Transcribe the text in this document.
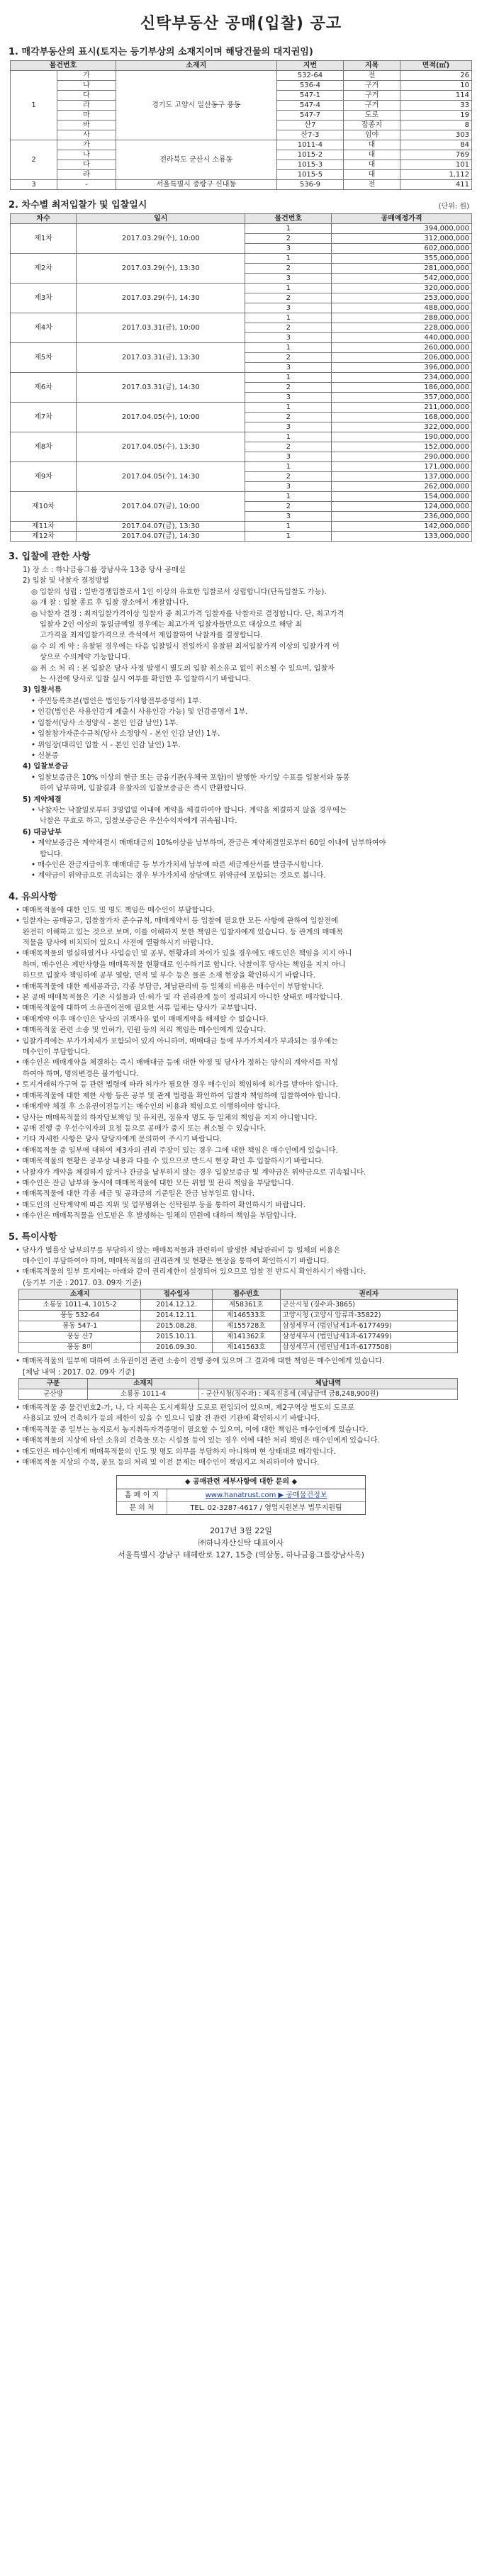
신탁부동산 공매(입찰) 공고
1. 매각부동산의 표시(토지는 등기부상의 소재지이며 해당건물의 대지권임)
물건번호		소재지	지번	지목	면적(㎡)
1	가	경기도 고양시 일산동구 풍동	532-64	전	26
	나		536-4	구거	10
	다		547-1	구거	114
	라		547-4	구거	33
	마		547-7	도로	19
	바		산7	잡종지	8
	사		산7-3	임야	303
2	가	전라북도 군산시 소룡동	1011-4	대	84
	나		1015-2	대	769
	다		1015-3	대	101
	라		1015-5	대	1,112
3	-	서울특별시 중랑구 신내동	536-9	전	411
2. 차수별 최저입찰가 및 입찰일시	(단위: 원)
차수	일시	물건번호	공매예정가격
제1차	2017.03.29(수), 10:00	1	394,000,000
		2	312,000,000
		3	602,000,000
제2차	2017.03.29(수), 13:30	1	355,000,000
		2	281,000,000
		3	542,000,000
제3차	2017.03.29(수), 14:30	1	320,000,000
		2	253,000,000
		3	488,000,000
제4차	2017.03.31(금), 10:00	1	288,000,000
		2	228,000,000
		3	440,000,000
제5차	2017.03.31(금), 13:30	1	260,000,000
		2	206,000,000
		3	396,000,000
제6차	2017.03.31(금), 14:30	1	234,000,000
		2	186,000,000
		3	357,000,000
제7차	2017.04.05(수), 10:00	1	211,000,000
		2	168,000,000
		3	322,000,000
제8차	2017.04.05(수), 13:30	1	190,000,000
		2	152,000,000
		3	290,000,000
제9차	2017.04.05(수), 14:30	1	171,000,000
		2	137,000,000
		3	262,000,000
제10차	2017.04.07(금), 10:00	1	154,000,000
		2	124,000,000
		3	236,000,000
제11차	2017.04.07(금), 13:30	1	142,000,000
제12차	2017.04.07(금), 14:30	1	133,000,000
3. 입찰에 관한 사항

1) 장 소 : 하나금융그룹 장남사옥 13층 당사 공매실

2) 입찰 및 낙찰자 결정방법

◎ 입찰의 성립 : 일반경쟁입찰로서 1인 이상의 유효한 입찰로서 성립합니다(단독입찰도 가능).

◎ 개 찰 : 입찰 종료 후 입찰 장소에서 개찰합니다.

◎ 낙찰자 결정 : 최저입찰가격이상 입찰자 중 최고가격 입찰자를 낙찰자로 결정합니다. 단, 최고가격

입찰자 2인 이상의 동일금액일 경우에는 최고가격 입찰자들만으로 대상으로 해당 최

고가격을 최저입찰가격으로 즉석에서 재입찰하여 낙찰자를 결정합니다.

◎ 수 의 계 약 : 유찰된 경우에는 다음 입찰일시 전일까지 유찰된 최저입찰가격 이상의 입찰가격 이

상으로 수의계약 가능합니다.

◎ 취 소 처 리 : 본 입찰은 당사 사정 발생시 별도의 입찰 취소유고 없이 취소될 수 있으며, 입찰자

는 사전에 당사로 입찰 실시 여부를 확인한 후 입찰하시기 바랍니다.

3) 입찰서류

• 주민등록초본(법인은 법인등기사항전부증명서) 1부.

• 인감(법인은 사용인감계 제출시 사용인감 가능) 및 인감증명서 1부.

• 입찰서(당사 소정양식 - 본인 인감 날인) 1부.

• 입찰참가자준수규칙(당사 소정양식 - 본인 인감 날인) 1부.

• 위임장(대리인 입찰 시 - 본인 인감 날인) 1부.

• 신분증

4) 입찰보증금

• 입찰보증금은 10% 이상의 현금 또는 금융기관(우체국 포함)이 발행한 자기앞 수표를 입찰서와 동봉

하여 납부하며, 입찰결과 유찰자의 입찰보증금은 즉시 반환합니다.

5) 계약체결

• 낙찰자는 낙찰일로부터 3영업일 이내에 계약을 체결하여야 합니다. 계약을 체결하지 않을 경우에는

낙찰은 무효로 하고, 입찰보증금은 우선수익자에게 귀속됩니다.

6) 대금납부

• 계약보증금은 계약체결시 매매대금의 10%이상을 납부하며, 잔금은 계약체결일로부터 60일 이내에 납부하여야

합니다.

• 매수인은 잔금지급이후 매매대금 등 부가가치세 납부에 따른 세금계산서를 발급주시합니다.

• 계약금이 위약금으로 귀속되는 경우 부가가치세 상당액도 위약금에 포함되는 것으로 봅니다.

4. 유의사항

• 매매목적물에 대한 인도 및 명도 책임은 매수인이 부담합니다.

• 입찰자는 공매공고, 입찰참가자 준수규칙, 매매계약서 등 입찰에 필요한 모든 사항에 관하여 입찰전에

완전히 이해하고 있는 것으로 보며, 이를 이해하지 못한 책임은 입찰자에게 있습니다. 등 관계의 매매목

적물을 당사에 비치되어 있으니 사전에 열람하시기 바랍니다.

• 매매목적물의 멸실하였거나 사업승인 및 공부, 현황과의 차이가 있을 경우에도 매도인은 책임을 지지 아니

하며, 매수인은 제반사항을 매매목적물 현황대로 인수하기로 합니다. 낙찰이후 당사는 책임을 지지 아니

하므로 입찰자 책임하에 공부 열람, 면적 및 부수 등은 물론 소재 현장을 확인하시기 바랍니다.

• 매매목적물에 대한 제세공과금, 각종 부담금, 체납관리비 등 일체의 비용은 매수인이 부담합니다.

• 본 공매 매매목적물은 기존 시설물과 인·허가 및 각 권리관계 등이 정리되지 아니한 상태로 매각합니다.

• 매매목적물에 대하여 소유권이전에 필요한 서류 일체는 당사가 교부합니다.

• 매매계약 이후 매수인은 당사의 귀책사유 없이 매매계약을 해제할 수 없습니다.

• 매매목적물 관련 소송 및 인허가, 민원 등의 처리 책임은 매수인에게 있습니다.

• 입찰가격에는 부가가치세가 포함되어 있지 아니하며, 매매대금 등에 부가가치세가 부과되는 경우에는

매수인이 부담합니다.

• 매수인은 매매계약을 체결하는 즉시 매매대금 등에 대한 약정 및 당사가 정하는 양식의 계약서를 작성

하여야 하며, 명의변경은 불가합니다.

• 토지거래허가구역 등 관련 법령에 따라 허가가 필요한 경우 매수인의 책임하에 허가를 받아야 합니다.

• 매매목적물에 대한 제한 사항 등은 공부 및 관계 법령을 확인하여 입찰자 책임하에 입찰하여야 합니다.

• 매매계약 체결 후 소유권이전등기는 매수인의 비용과 책임으로 이행하여야 합니다.

• 당사는 매매목적물의 하자담보책임 및 유치권, 점유자 명도 등 일체의 책임을 지지 아니합니다.

• 공매 진행 중 우선수익자의 요청 등으로 공매가 중지 또는 취소될 수 있습니다.

• 기타 자세한 사항은 당사 담당자에게 문의하여 주시기 바랍니다.

• 매매목적물 중 일부에 대하여 제3자의 권리 주장이 있는 경우 그에 대한 책임은 매수인에게 있습니다.

• 매매목적물의 현황은 공부상 내용과 다를 수 있으므로 반드시 현장 확인 후 입찰하시기 바랍니다.

• 낙찰자가 계약을 체결하지 않거나 잔금을 납부하지 않는 경우 입찰보증금 및 계약금은 위약금으로 귀속됩니다.

• 매수인은 잔금 납부와 동시에 매매목적물에 대한 모든 위험 및 관리 책임을 부담합니다.

• 매매목적물에 대한 각종 세금 및 공과금의 기준일은 잔금 납부일로 합니다.

• 매도인의 신탁계약에 따른 지위 및 업무범위는 신탁원부 등을 통하여 확인하시기 바랍니다.

• 매수인은 매매목적물을 인도받은 후 발생하는 일체의 민원에 대하여 책임을 부담합니다.

5. 특이사항

• 당사가 법률상 납부의무를 부담하지 않는 매매목적물과 관련하여 발생한 체납관리비 등 일체의 비용은

매수인이 부담하여야 하며, 매매목적물의 권리관계 및 현황은 현장을 통하여 확인하시기 바랍니다.

• 매매목적물의 일부 토지에는 아래와 같이 권리제한이 설정되어 있으므로 입찰 전 반드시 확인하시기 바랍니다.

(등기부 기준 : 2017. 03. 09자 기준)

소재지	접수일자	접수번호	권리자
소룡동 1011-4, 1015-2	2014.12.12.	제58361호	군산시청 (징수과-3865)
풍동 532-64	2014.12.11.	제146533호	고양시청 (고양시 압류과-35822)
풍동 547-1	2015.08.28.	제155728호	삼성세무서 (법인납세1과-6177499)
풍동 산7	2015.10.11.	제141362호	삼성세무서 (법인납세1과-6177499)
풍동 8미	2016.09.30.	제141563호	삼성세무서 (법인납세1과-6177508)

• 매매목적물의 일부에 대하여 소유권이전 관련 소송이 진행 중에 있으며 그 결과에 대한 책임은 매수인에게 있습니다.

[체납 내역 : 2017. 02. 09자 기준]

구분	소재지	체납내역
군산방	소룡동 1011-4	- 군산시청(징수과) : 체육진흥세 (체납금액 금8,248,900원)

• 매매목적물 중 물건번호2-가, 나, 다 지목은 도시계획상 도로로 편입되어 있으며, 제2구역상 별도의 도로로

사용되고 있어 건축허가 등의 제한이 있을 수 있으니 입찰 전 관련 기관에 확인하시기 바랍니다.

• 매매목적물 중 일부는 농지로서 농지취득자격증명이 필요할 수 있으며, 이에 대한 책임은 매수인에게 있습니다.

• 매매목적물의 지상에 타인 소유의 건축물 또는 시설물 등이 있는 경우 이에 대한 처리 책임은 매수인에게 있습니다.

• 매도인은 매수인에게 매매목적물의 인도 및 명도 의무를 부담하지 아니하며 현 상태대로 매각합니다.

• 매매목적물 지상의 수목, 분묘 등의 처리 및 이전 문제는 매수인이 책임지고 처리하여야 합니다.

◆ 공매관련 세부사항에 대한 문의 ◆
홈 페 이 지	www.hanatrust.com ▶ 공매물건정보
문 의 처	TEL. 02-3287-4617 / 영업지원본부 법무지원팀
2017년 3월 22일
㈜하나자산신탁 대표이사
서울특별시 강남구 테헤란로 127, 15층 (역삼동, 하나금융그룹강남사옥)
